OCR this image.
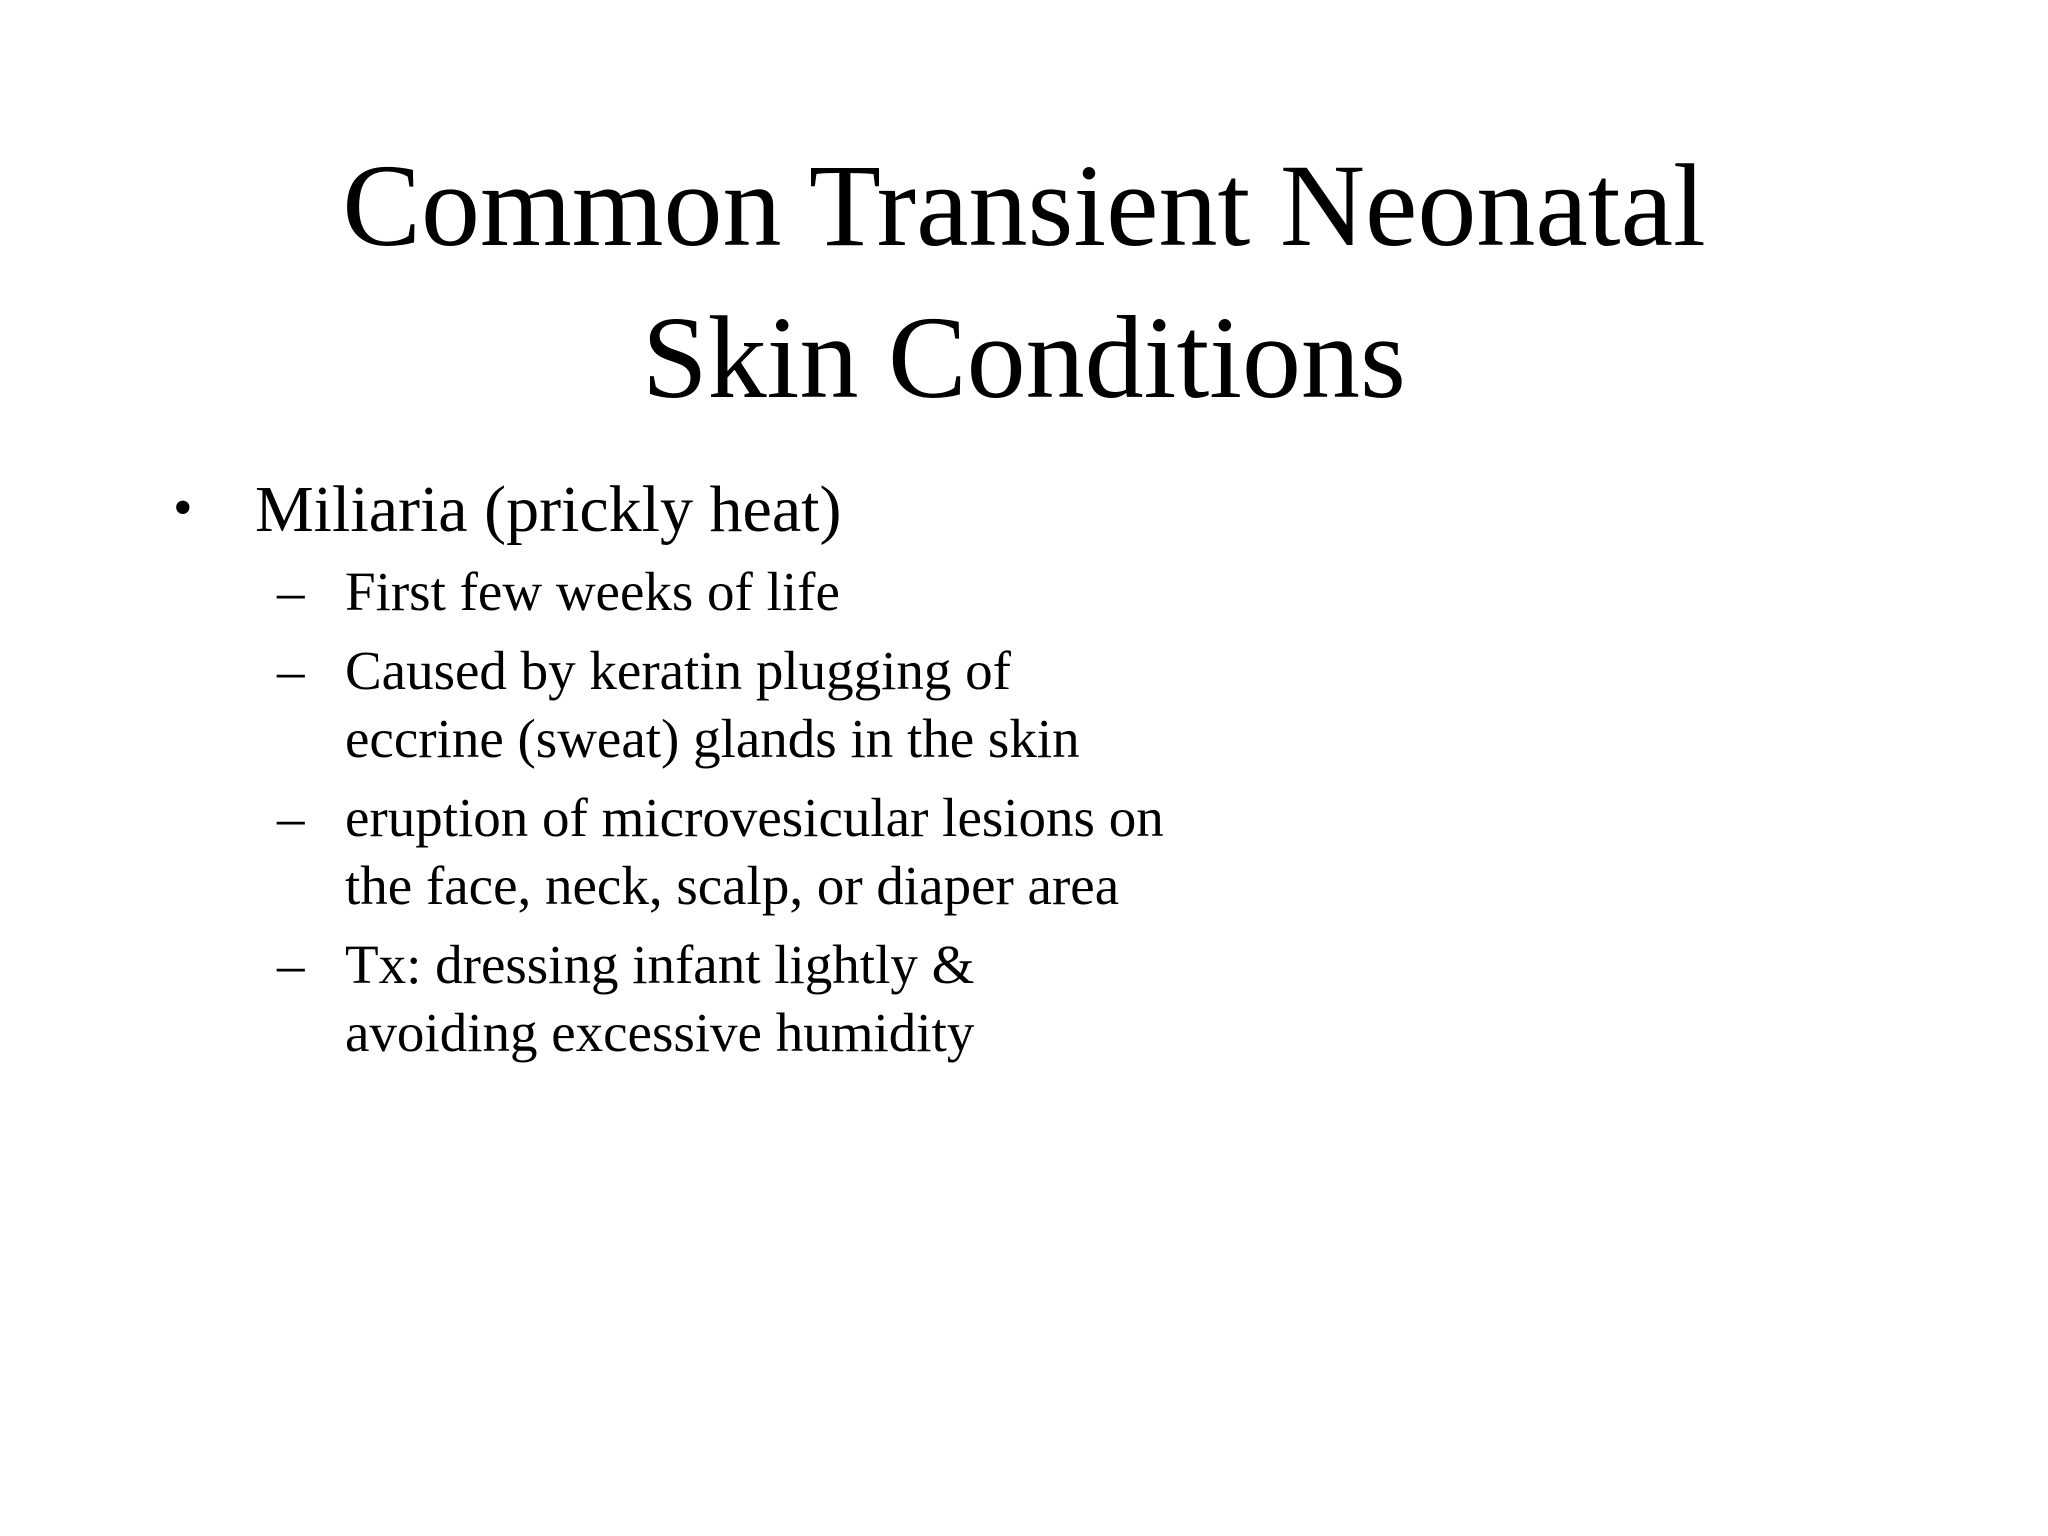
Common Transient Neonatal
Skin Conditions
• Miliaria (prickly heat)
– First few weeks of life
– Caused by keratin plugging of eccrine (sweat) glands in the skin
– eruption of microvesicular lesions on the face, neck, scalp, or diaper area
– Tx: dressing infant lightly & avoiding excessive humidity
